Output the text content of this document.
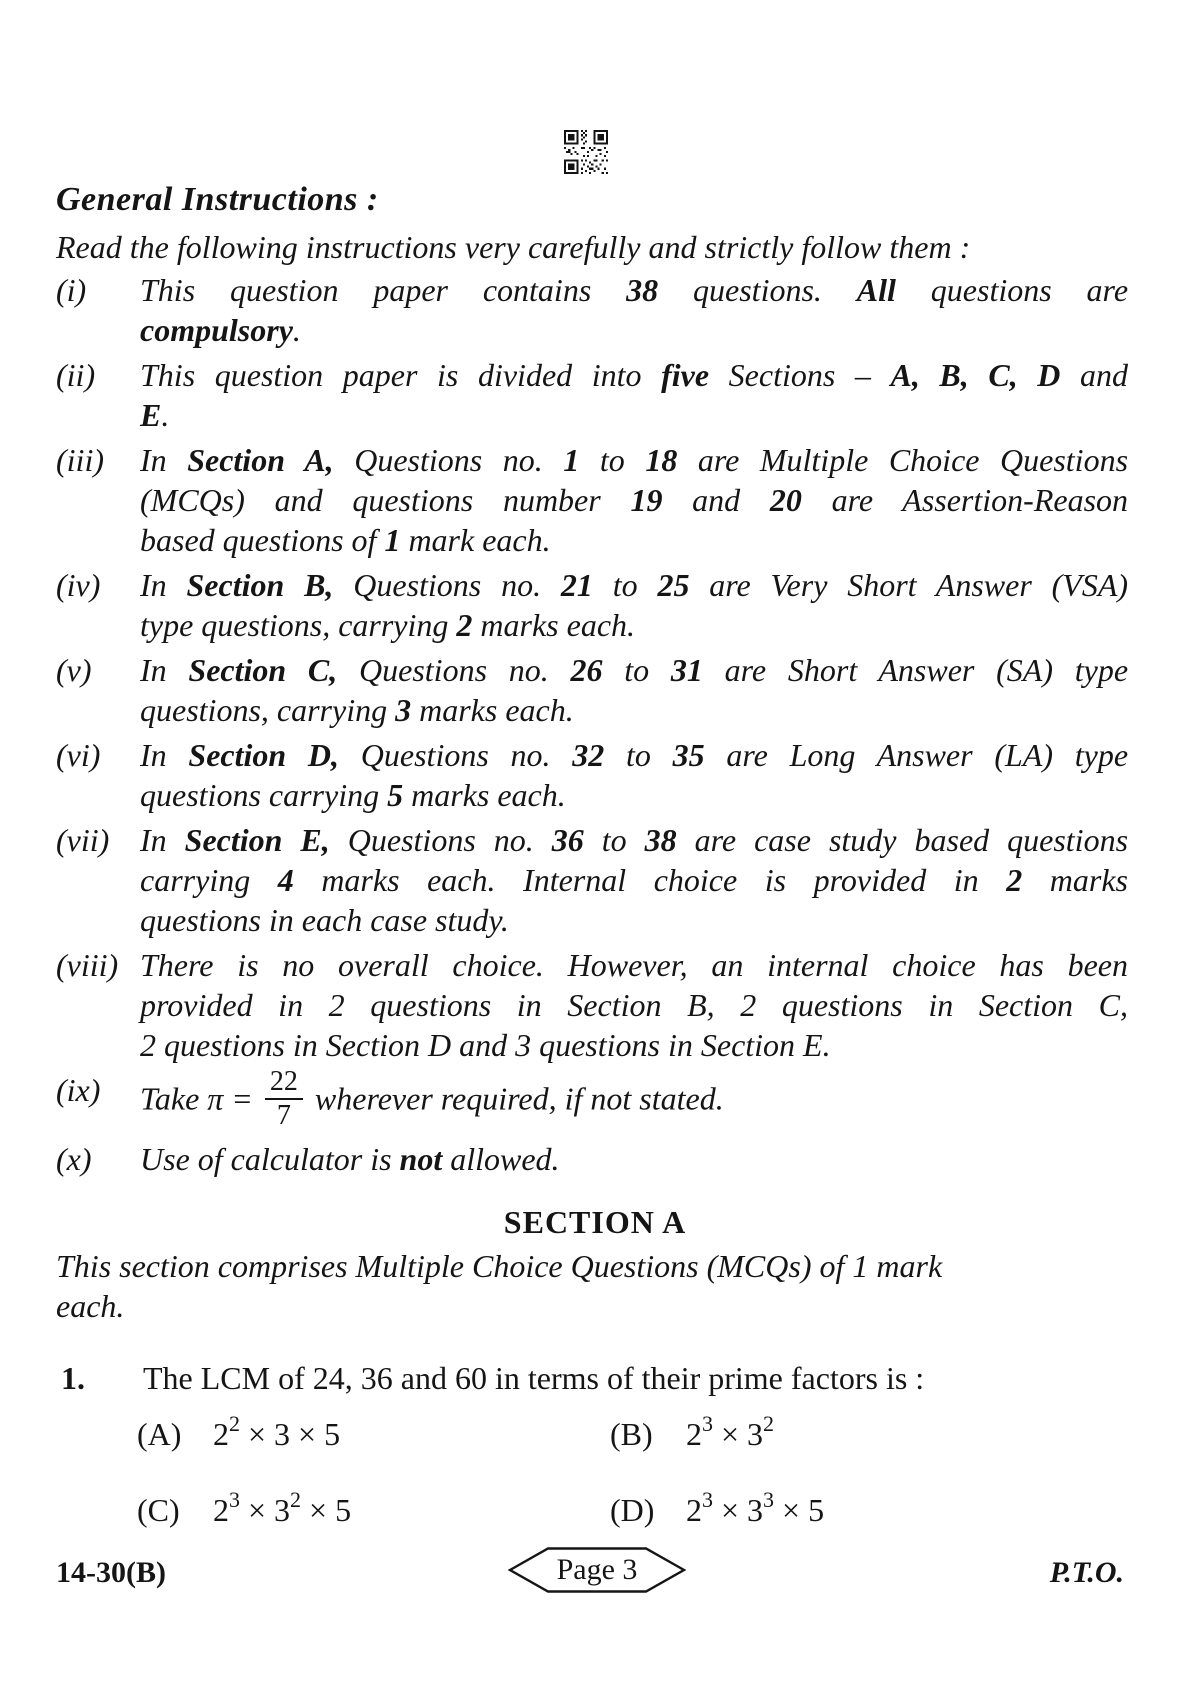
General Instructions :
Read the following instructions very carefully and strictly follow them :
(i) This question paper contains 38 questions. All questions are
compulsory.
(ii) This question paper is divided into five Sections – A, B, C, D and
E.
(iii) In Section A, Questions no. 1 to 18 are Multiple Choice Questions
(MCQs) and questions number 19 and 20 are Assertion-Reason
based questions of 1 mark each.
(iv) In Section B, Questions no. 21 to 25 are Very Short Answer (VSA)
type questions, carrying 2 marks each.
(v) In Section C, Questions no. 26 to 31 are Short Answer (SA) type
questions, carrying 3 marks each.
(vi) In Section D, Questions no. 32 to 35 are Long Answer (LA) type
questions carrying 5 marks each.
(vii) In Section E, Questions no. 36 to 38 are case study based questions
carrying 4 marks each. Internal choice is provided in 2 marks
questions in each case study.
(viii) There is no overall choice. However, an internal choice has been
provided in 2 questions in Section B, 2 questions in Section C,
2 questions in Section D and 3 questions in Section E.
(ix) Take $\pi = \frac{22}{7}$ wherever required, if not stated.
(x) Use of calculator is not allowed.
SECTION A
This section comprises Multiple Choice Questions (MCQs) of 1 mark
each.
1. The LCM of 24, 36 and 60 in terms of their prime factors is :
(A) $2^2 \times 3 \times 5$	(B) $2^3 \times 3^2$
(C) $2^3 \times 3^2 \times 5$	(D) $2^3 \times 3^3 \times 5$
14-30(B)	Page 3	P.T.O.
